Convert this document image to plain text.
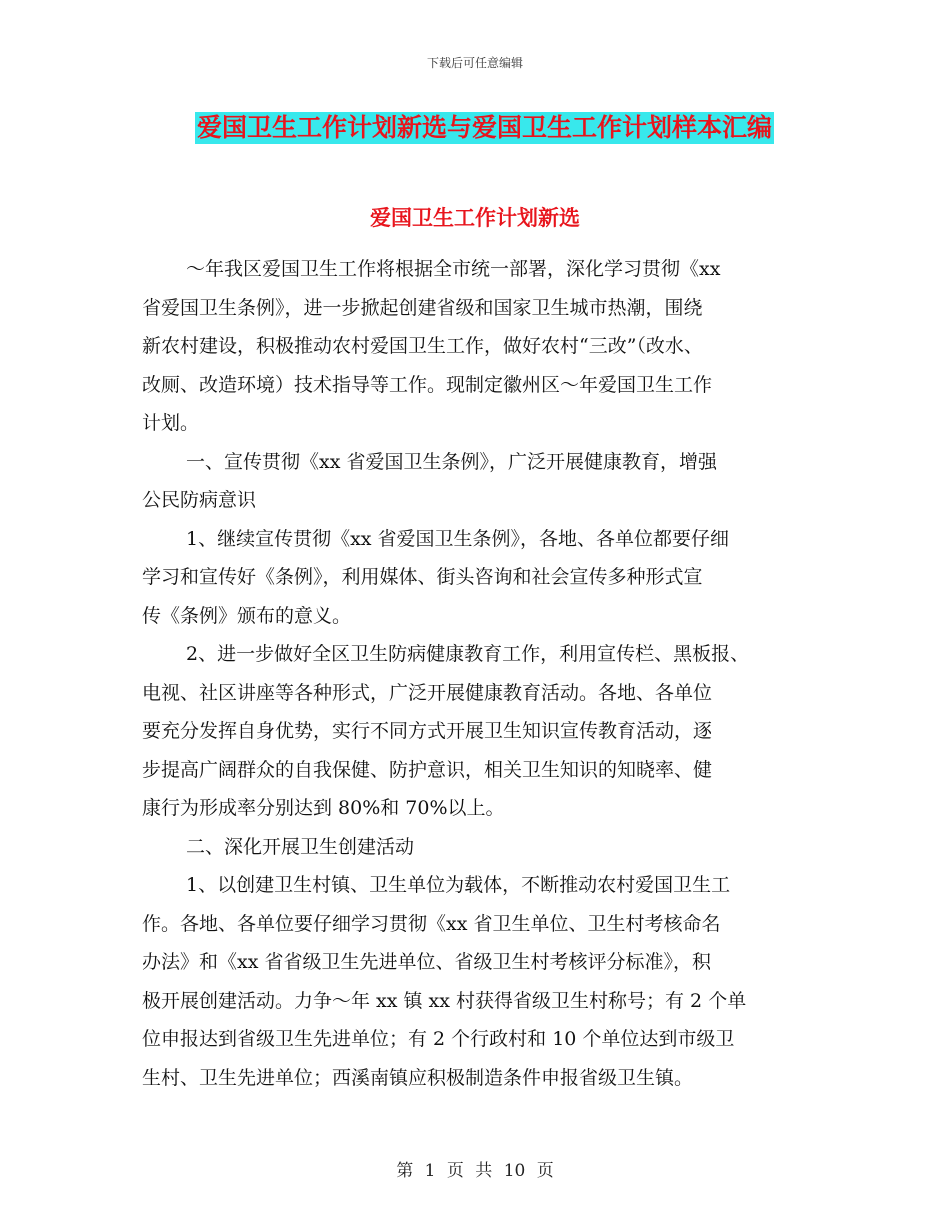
下载后可任意编辑
爱国卫生工作计划新选与爱国卫生工作计划样本汇编
爱国卫生工作计划新选
～年我区爱国卫生工作将根据全市统一部署，深化学习贯彻《xx
省爱国卫生条例》，进一步掀起创建省级和国家卫生城市热潮，围绕
新农村建设，积极推动农村爱国卫生工作，做好农村“三改”（改水、
改厕、改造环境）技术指导等工作。现制定徽州区～年爱国卫生工作
计划。
一、宣传贯彻《xx 省爱国卫生条例》，广泛开展健康教育，增强
公民防病意识
1、继续宣传贯彻《xx 省爱国卫生条例》，各地、各单位都要仔细
学习和宣传好《条例》，利用媒体、街头咨询和社会宣传多种形式宣
传《条例》颁布的意义。
2、进一步做好全区卫生防病健康教育工作，利用宣传栏、黑板报、
电视、社区讲座等各种形式，广泛开展健康教育活动。各地、各单位
要充分发挥自身优势，实行不同方式开展卫生知识宣传教育活动，逐
步提高广阔群众的自我保健、防护意识，相关卫生知识的知晓率、健
康行为形成率分别达到 80%和 70%以上。
二、深化开展卫生创建活动
1、以创建卫生村镇、卫生单位为载体，不断推动农村爱国卫生工
作。各地、各单位要仔细学习贯彻《xx 省卫生单位、卫生村考核命名
办法》和《xx 省省级卫生先进单位、省级卫生村考核评分标准》，积
极开展创建活动。力争～年 xx 镇 xx 村获得省级卫生村称号；有 2 个单
位申报达到省级卫生先进单位；有 2 个行政村和 10 个单位达到市级卫
生村、卫生先进单位；西溪南镇应积极制造条件申报省级卫生镇。
第 1 页 共 10 页
